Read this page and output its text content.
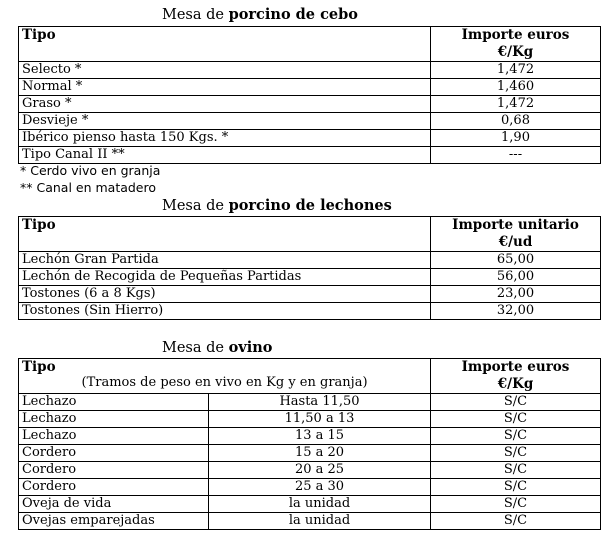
Mesa de porcino de cebo
Tipo	Importe euros
€/Kg
Selecto *	1,472
Normal *	1,460
Graso *	1,472
Desvieje *	0,68
Ibérico pienso hasta 150 Kgs. *	1,90
Tipo Canal II **	---
* Cerdo vivo en granja
** Canal en matadero
Mesa de porcino de lechones
Tipo	Importe unitario
€/ud
Lechón Gran Partida	65,00
Lechón de Recogida de Pequeñas Partidas	56,00
Tostones (6 a 8 Kgs)	23,00
Tostones (Sin Hierro)	32,00
Mesa de ovino
Tipo
(Tramos de peso en vivo en Kg y en granja)		Importe euros
€/Kg
Lechazo	Hasta 11,50	S/C
Lechazo	11,50 a 13	S/C
Lechazo	13 a 15	S/C
Cordero	15 a 20	S/C
Cordero	20 a 25	S/C
Cordero	25 a 30	S/C
Oveja de vida	la unidad	S/C
Ovejas emparejadas	la unidad	S/C
